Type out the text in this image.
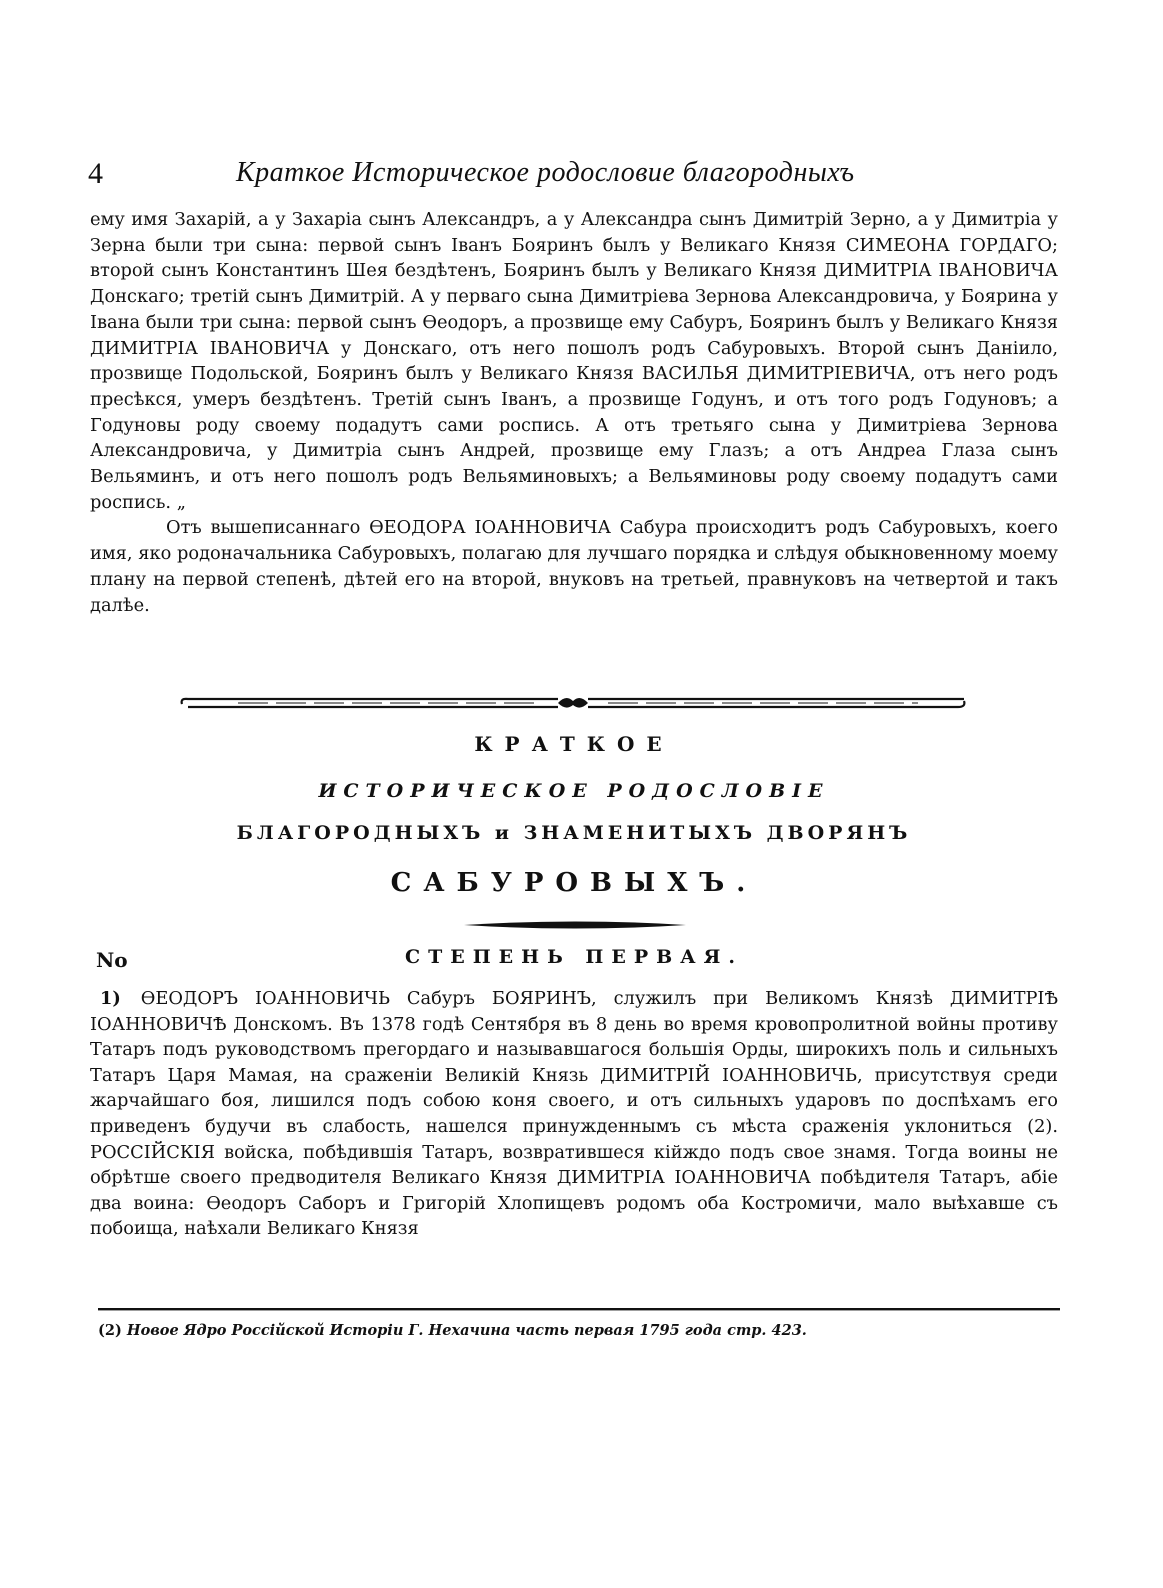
4	Краткое Историческое родословие благородныхъ

ему имя Захарій, а у Захаріа сынъ Александръ, а у Александра сынъ Димитрій Зерно, а у Димитріа у Зерна были три сына: первой сынъ Іванъ Бояринъ былъ у Великаго Князя СИМЕОНА ГОРДАГО; второй сынъ Константинъ Шея бездѣтенъ, Бояринъ былъ у Великаго Князя ДИМИТРІА ІВАНОВИЧА Донскаго; третій сынъ Димитрій. А у перваго сына Димитріева Зернова Александровича, у Боярина у Івана были три сына: первой сынъ Ѳеодоръ, а прозвище ему Сабуръ, Бояринъ былъ у Великаго Князя ДИМИТРІА ІВАНОВИЧА у Донскаго, отъ него пошолъ родъ Сабуровыхъ. Второй сынъ Даніило, прозвище Подольской, Бояринъ былъ у Великаго Князя ВАСИЛЬЯ ДИМИТРІЕВИЧА, отъ него родъ пресѣкся, умеръ бездѣтенъ. Третій сынъ Іванъ, а прозвище Годунъ, и отъ того родъ Годуновъ; а Годуновы роду своему подадутъ сами роспись. А отъ третьяго сына у Димитріева Зернова Александровича, у Димитріа сынъ Андрей, прозвище ему Глазъ; а отъ Андреа Глаза сынъ Вельяминъ, и отъ него пошолъ родъ Вельяминовыхъ; а Вельяминовы роду своему подадутъ сами роспись. „

Отъ вышеписаннаго ѲЕОДОРА ІОАННОВИЧА Сабура происходитъ родъ Сабуровыхъ, коего имя, яко родоначальника Сабуровыхъ, полагаю для лучшаго порядка и слѣдуя обыкновенному моему плану на первой степенѣ, дѣтей его на второй, внуковъ на третьей, правнуковъ на четвертой и такъ далѣе.

КРАТКОЕ
ИСТОРИЧЕСКОЕ РОДОСЛОВІЕ
БЛАГОРОДНЫХЪ и ЗНАМЕНИТЫХЪ ДВОРЯНЪ
САБУРОВЫХЪ.
No	СТЕПЕНЬ ПЕРВАЯ.

1) ѲЕОДОРЪ ІОАННОВИЧЬ Сабуръ БОЯРИНЪ, служилъ при Великомъ Князѣ ДИМИТРІѢ ІОАННОВИЧѢ Донскомъ. Въ 1378 годѣ Сентября въ 8 день во время кровопролитной войны противу Татаръ подъ руководствомъ прегордаго и называвшагося большія Орды, широкихъ поль и сильныхъ Татаръ Царя Мамая, на сраженіи Великій Князь ДИМИТРІЙ ІОАННОВИЧЬ, присутствуя среди жарчайшаго боя, лишился подъ собою коня своего, и отъ сильныхъ ударовъ по доспѣхамъ его приведенъ будучи въ слабость, нашелся принужденнымъ съ мѣста сраженія уклониться (2). РОССІЙСКІЯ войска, побѣдившія Татаръ, возвратившеся кійждо подъ свое знамя. Тогда воины не обрѣтше своего предводителя Великаго Князя ДИМИТРІА ІОАННОВИЧА побѣдителя Татаръ, абіе два воина: Ѳеодоръ Саборъ и Григорій Хлопищевъ родомъ оба Костромичи, мало выѣхавше съ побоища, наѣхали Великаго Князя

(2) Новое Ядро Россійской Исторіи Г. Нехачина часть первая 1795 года стр. 423.
